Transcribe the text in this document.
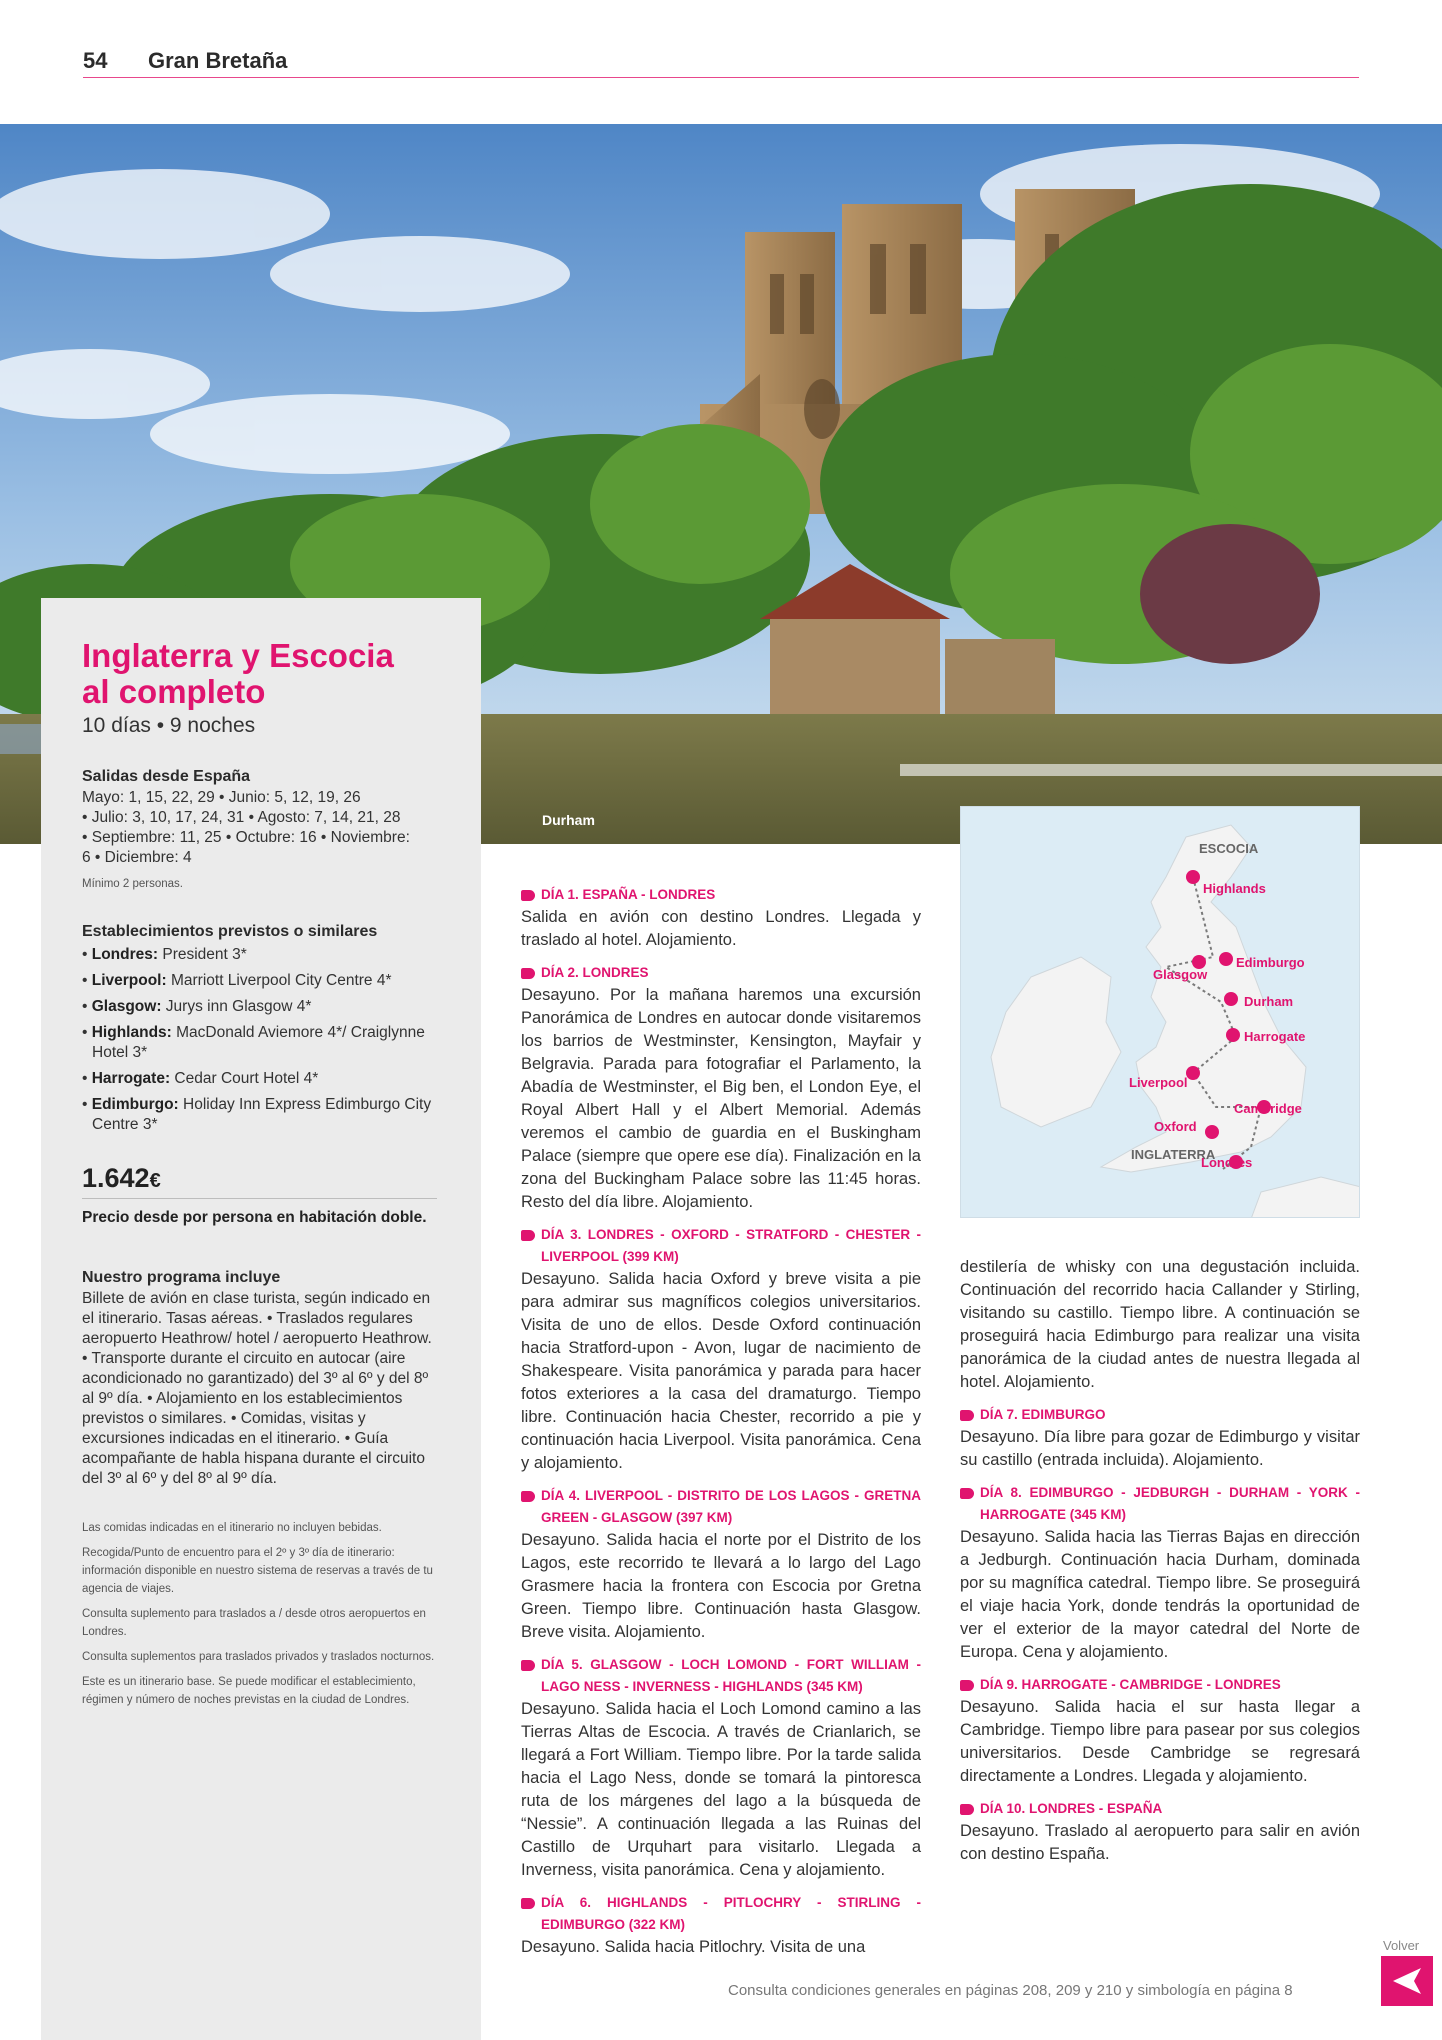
54 Gran Bretaña
Durham
Inglaterra y Escocia
al completo
10 días • 9 noches
Salidas desde España
Mayo: 1, 15, 22, 29 • Junio: 5, 12, 19, 26
• Julio: 3, 10, 17, 24, 31 • Agosto: 7, 14, 21, 28
• Septiembre: 11, 25 • Octubre: 16 • Noviembre:
6 • Diciembre: 4
Mínimo 2 personas.
Establecimientos previstos o similares
• Londres: President 3*
• Liverpool: Marriott Liverpool City Centre 4*
• Glasgow: Jurys inn Glasgow 4*
• Highlands: MacDonald Aviemore 4*/ Craiglynne Hotel 3*
• Harrogate: Cedar Court Hotel 4*
• Edimburgo: Holiday Inn Express Edimburgo City Centre 3*
1.642€
Precio desde por persona en habitación doble.
Nuestro programa incluye
Billete de avión en clase turista, según indicado en el itinerario. Tasas aéreas. • Traslados regulares aeropuerto Heathrow/ hotel / aeropuerto Heathrow. • Transporte durante el circuito en autocar (aire acondicionado no garantizado) del 3º al 6º y del 8º al 9º día. • Alojamiento en los establecimientos previstos o similares. • Comidas, visitas y excursiones indicadas en el itinerario. • Guía acompañante de habla hispana durante el circuito del 3º al 6º y del 8º al 9º día.
Las comidas indicadas en el itinerario no incluyen bebidas.
Recogida/Punto de encuentro para el 2º y 3º día de itinerario: información disponible en nuestro sistema de reservas a través de tu agencia de viajes.
Consulta suplemento para traslados a / desde otros aeropuertos en Londres.
Consulta suplementos para traslados privados y traslados nocturnos.
Este es un itinerario base. Se puede modificar el establecimiento, régimen y número de noches previstas en la ciudad de Londres.
DÍA 1. ESPAÑA - LONDRES
Salida en avión con destino Londres. Llegada y traslado al hotel. Alojamiento.
DÍA 2. LONDRES
Desayuno. Por la mañana haremos una excursión Panorámica de Londres en autocar donde visitaremos los barrios de Westminster, Kensington, Mayfair y Belgravia. Parada para fotografiar el Parlamento, la Abadía de Westminster, el Big ben, el London Eye, el Royal Albert Hall y el Albert Memorial. Además veremos el cambio de guardia en el Buskingham Palace (siempre que opere ese día). Finalización en la zona del Buckingham Palace sobre las 11:45 horas. Resto del día libre. Alojamiento.
DÍA 3. LONDRES - OXFORD - STRATFORD - CHESTER - LIVERPOOL (399 KM)
Desayuno. Salida hacia Oxford y breve visita a pie para admirar sus magníficos colegios universitarios. Visita de uno de ellos. Desde Oxford continuación hacia Stratford-upon - Avon, lugar de nacimiento de Shakespeare. Visita panorámica y parada para hacer fotos exteriores a la casa del dramaturgo. Tiempo libre. Continuación hacia Chester, recorrido a pie y continuación hacia Liverpool. Visita panorámica. Cena y alojamiento.
DÍA 4. LIVERPOOL - DISTRITO DE LOS LAGOS - GRETNA GREEN - GLASGOW (397 KM)
Desayuno. Salida hacia el norte por el Distrito de los Lagos, este recorrido te llevará a lo largo del Lago Grasmere hacia la frontera con Escocia por Gretna Green. Tiempo libre. Continuación hasta Glasgow. Breve visita. Alojamiento.
DÍA 5. GLASGOW - LOCH LOMOND - FORT WILLIAM - LAGO NESS - INVERNESS - HIGHLANDS (345 KM)
Desayuno. Salida hacia el Loch Lomond camino a las Tierras Altas de Escocia. A través de Crianlarich, se llegará a Fort William. Tiempo libre. Por la tarde salida hacia el Lago Ness, donde se tomará la pintoresca ruta de los márgenes del lago a la búsqueda de “Nessie”. A continuación llegada a las Ruinas del Castillo de Urquhart para visitarlo. Llegada a Inverness, visita panorámica. Cena y alojamiento.
DÍA 6. HIGHLANDS - PITLOCHRY - STIRLING - EDIMBURGO (322 KM)
Desayuno. Salida hacia Pitlochry. Visita de una
ESCOCIA
INGLATERRA
Highlands
Edimburgo
Glasgow
Durham
Harrogate
Liverpool
Cambridge
Oxford
Londres
destilería de whisky con una degustación incluida. Continuación del recorrido hacia Callander y Stirling, visitando su castillo. Tiempo libre. A continuación se proseguirá hacia Edimburgo para realizar una visita panorámica de la ciudad antes de nuestra llegada al hotel. Alojamiento.
DÍA 7. EDIMBURGO
Desayuno. Día libre para gozar de Edimburgo y visitar su castillo (entrada incluida). Alojamiento.
DÍA 8. EDIMBURGO - JEDBURGH - DURHAM - YORK - HARROGATE (345 KM)
Desayuno. Salida hacia las Tierras Bajas en dirección a Jedburgh. Continuación hacia Durham, dominada por su magnífica catedral. Tiempo libre. Se proseguirá el viaje hacia York, donde tendrás la oportunidad de ver el exterior de la mayor catedral del Norte de Europa. Cena y alojamiento.
DÍA 9. HARROGATE - CAMBRIDGE - LONDRES
Desayuno. Salida hacia el sur hasta llegar a Cambridge. Tiempo libre para pasear por sus colegios universitarios. Desde Cambridge se regresará directamente a Londres. Llegada y alojamiento.
DÍA 10. LONDRES - ESPAÑA
Desayuno. Traslado al aeropuerto para salir en avión con destino España.
Consulta condiciones generales en páginas 208, 209 y 210 y simbología en página 8
Volver
